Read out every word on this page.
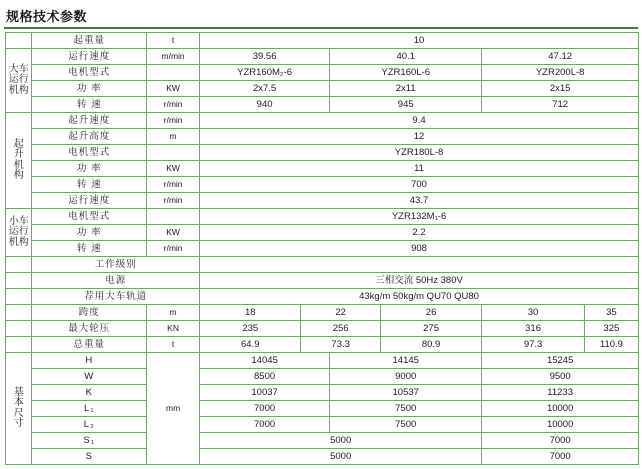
规格技术参数
	起重量	t	10					
大车
运行
机构	运行速度	m/min	39.56		40.1		47.12	
	电机型式		YZR160M₂-6		YZR160L-6		YZR200L-8	
	功 率	KW	2x7.5		2x11		2x15	
	转 速	r/min	940		945		712	
起
升
机
构	起升速度	r/min	9.4					
	起升高度	m	12					
	电机型式		YZR180L-8					
	功 率	KW	11					
	转 速	r/min	700					
	运行速度	r/min	43.7					
小车
运行
机构	电机型式		YZR132M₁-6					
	功 率	KW	2.2					
	转 速	r/min	908					
	工作级别							
	电源		三相交流 50Hz 380V					
	荐用大车轨道		43kg/m 50kg/m QU70 QU80					
	跨度	m	18	22		26	30	35
	最大轮压	KN	235	256		275	316	325
	总重量	t	64.9	73.3		80.9	97.3	110.9
基
本
尺
寸	H	mm	14045		14145		15245	
	W		8500		9000		9500	
	K		10037		10537		11233	
	L₁		7000		7500		10000	
	L₂		7000		7500		10000	
	S₁		5000				7000	
	S		5000				7000	
